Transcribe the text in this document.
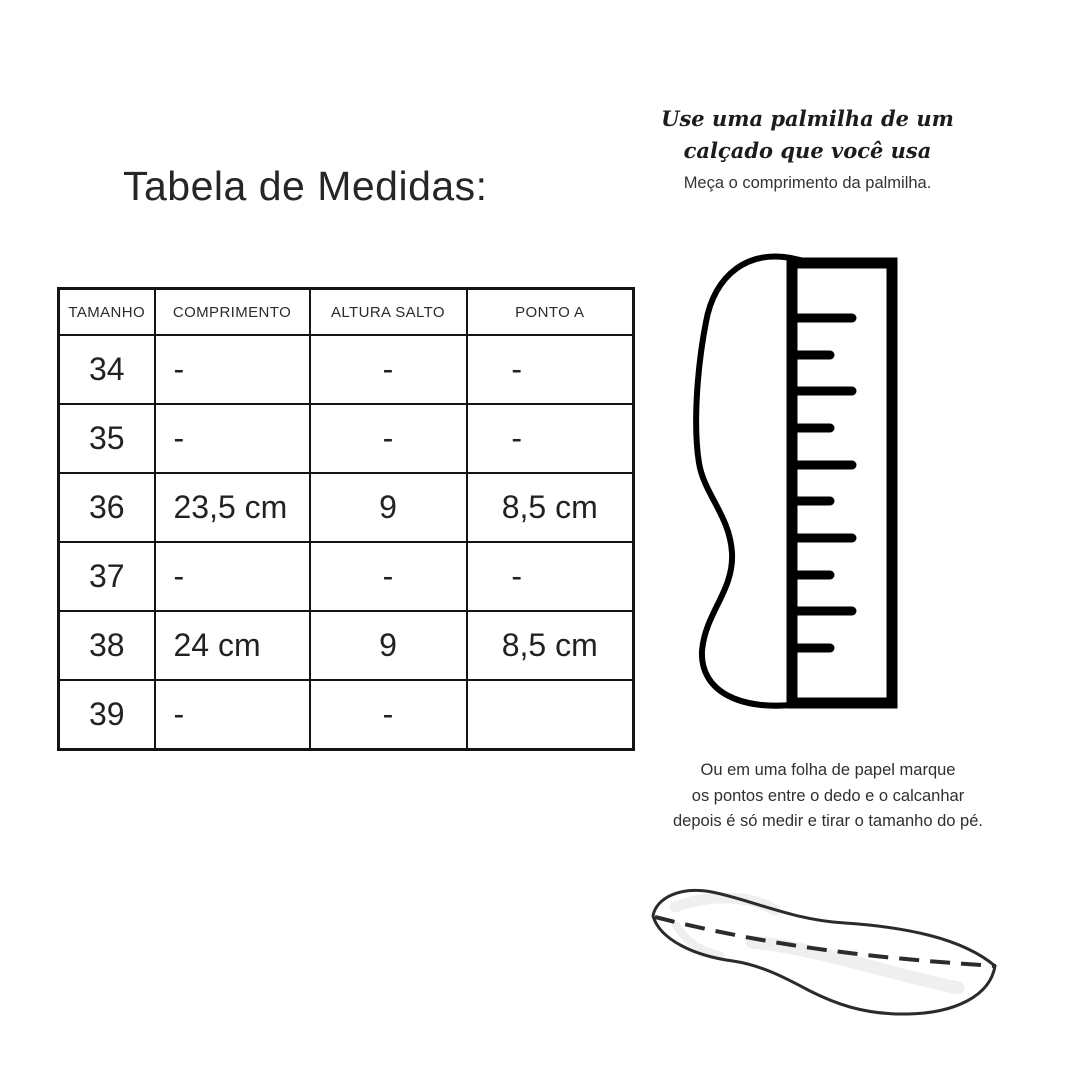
Tabela de Medidas:
TAMANHO	COMPRIMENTO	ALTURA SALTO	PONTO A
34	-	-	-
35	-	-	-
36	23,5 cm	9	8,5 cm
37	-	-	-
38	24 cm	9	8,5 cm
39	-	-	
Use uma palmilha de um
calçado que você usa
Meça o comprimento da palmilha.
Ou em uma folha de papel marque
os pontos entre o dedo e o calcanhar
depois é só medir e tirar o tamanho do pé.
